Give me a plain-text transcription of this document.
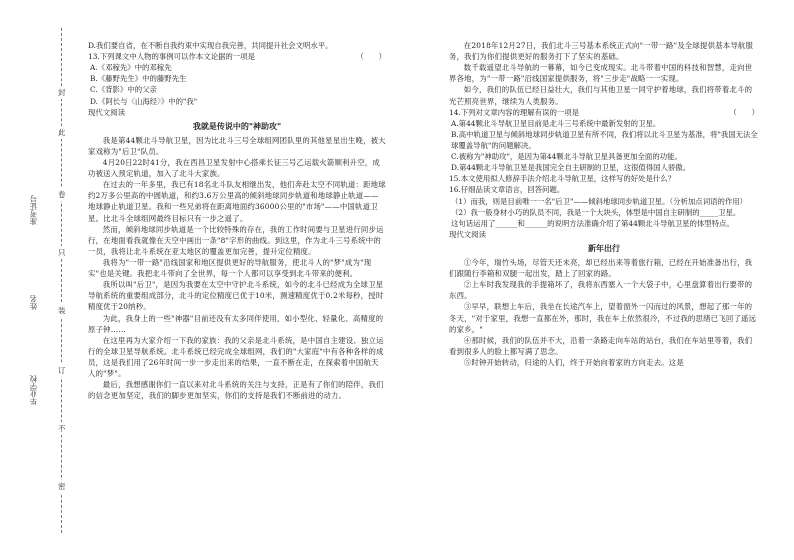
此
卷
只
装
订
不
密
封
准考证号
姓名
毕业学校

D.我们要自省，在不断自我约束中实现自我完善，共同提升社会文明水平。

13.下列课文中人物的事例可以作本文论据的一项是	（　　）

A.《邓稼先》中的邓稼先

B.《藤野先生》中的藤野先生

C.《背影》中的父亲

D.《阿长与〈山海经〉》中的"我"

现代文阅读

我就是传说中的"神助攻"

我是第44颗北斗导航卫星，因为比北斗三号全球组网团队里的其他星星出生晚，被大家戏称为"后卫"队员。

4月20日22时41分，我在西昌卫星发射中心搭乘长征三号乙运载火箭顺利升空，成功被送入预定轨道，加入了北斗大家族。

在过去的一年多里，我已有18名北斗队友相继出发，他们奔赴太空不同轨道：距地球约2万多公里高的中圆轨道，和约3.6万公里高的倾斜地球同步轨道和地球静止轨道——地球静止轨道卫星。我和一些兄弟将在距离地面约36000公里的"市场"——中国轨道卫星。比北斗全球组网最终目标只有一步之遥了。

然而，倾斜地球同步轨道是一个比较特殊的存在，我的工作时间要与卫星进行同步运行，在地面看我就像在天空中画出一条"8"字形的曲线。到这里，作为北斗三号系统中的一员，我将让北斗系统在亚太地区的覆盖更加完善，提升定位精度。

我将为"一带一路"沿线国家和地区提供更好的导航服务，使北斗人的"梦"成为"现实"也是关键。我把北斗带向了全世界，每一个人都可以享受到北斗带来的便利。

我所以叫"后卫"，是因为我要在太空中守护北斗系统，如今的北斗已经成为全球卫星导航系统的重要组成部分，北斗的定位精度已优于10米，测速精度优于0.2米每秒，授时精度优于20纳秒。

为此，我身上的一些"神器"目前还没有太多同伴使用，如小型化、轻量化、高精度的原子钟……

在这里再为大家介绍一下我的家族：我的父亲是北斗系统，是中国自主建设、独立运行的全球卫星导航系统。北斗系统已经完成全球组网，我们的"大家庭"中有各种各样的成员，这是我们用了26年时间一步一步走出来的结果，一直不断在走，在探索着中国航天人的"梦"。

最后，我想感谢你们一直以来对北斗系统的关注与支持，正是有了你们的陪伴，我们的信念更加坚定，我们的脚步更加坚实，你们的支持是我们不断前进的动力。

在2018年12月27日，我们北斗三号基本系统正式向"一带一路"及全球提供基本导航服务，我们为你们提供更好的服务打下了坚实的基础。

数千载遥望北斗导航的一幕幕，如今已变成现实。北斗带着中国的科技和智慧，走向世界各地，为"一带一路"沿线国家提供服务，将"三步走"战略一一实现。

如今，我们的队伍已经日益壮大，我们与其他卫星一同守护着地球，我们将带着北斗的光芒照亮世界，继续为人类服务。

14.下列对文章内容的理解有误的一项是	（　　）

A.第44颗北斗导航卫星目前是北斗三号系统中最新发射的卫星。

B.高中轨道卫星与倾斜地球同步轨道卫星有所不同，我们将以北斗卫星为基准，将"我国无法全球覆盖导航"的问题解决。

C.被称为"神助攻"，是因为第44颗北斗导航卫星具备更加全面的功能。

D.第44颗北斗导航卫星是我国完全自主研制的卫星，这很值得国人骄傲。

15.本文使用拟人修辞手法介绍北斗导航卫星，这样写的好处是什么？

16.仔细品读文章语言，回答问题。

（1）而我，则是目前唯一一名"后卫"——倾斜地球同步轨道卫星。（分析加点词语的作用）

（2）我一般身材小巧的队员不同，我是一个大块头，体型是中国自主研制的_____卫星。

这句话运用了______和______的说明方法准确介绍了第44颗北斗导航卫星的体型特点。

现代文阅读

新年出行

①今年，瑞竹头场，尽管天还未亮，却已经出来等着旅行箱，已经在开始准备出行，我们跟随行李箱和双腿一起出发，踏上了回家的路。

②上车时我发现我的手提箱坏了，我将东西塞入一个大袋子中，心里盘算着出行要带的东西。

③早早，联想上车后，我坐在长途汽车上，望着窗外一闪而过的风景，想起了那一年的冬天，"对于家里，我想一直都在外，那时，我在车上依然很冷，不过我的思绪已飞回了遥远的家乡。"

④那时候，我们的队伍并不大，沿着一条路走向车站的站台，我们在车站里等着，我们看到很多人的脸上都写满了思念。

⑤时钟开始转动，归途的人们，终于开始向着家的方向走去。这是
